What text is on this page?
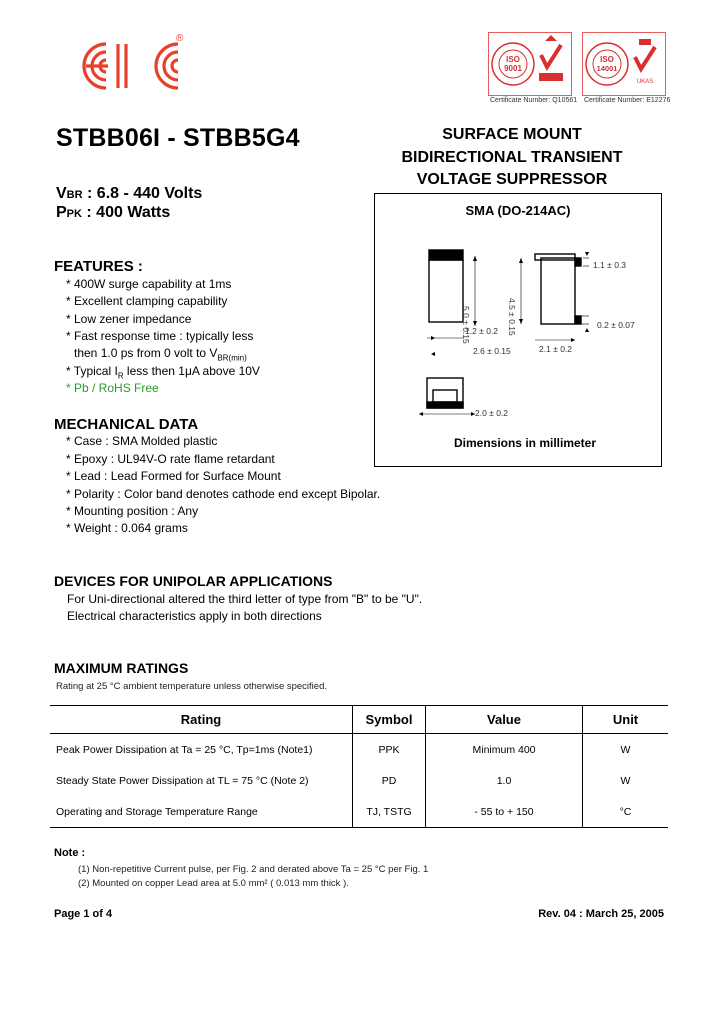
®
ISO
9001
Certificate Number: Q10561
ISO
14001
UKAS
Certificate Number: E12276
STBB06I - STBB5G4	SURFACE MOUNT
BIDIRECTIONAL TRANSIENT
VOLTAGE SUPPRESSOR
VBR : 6.8 - 440 Volts
PPK : 400 Watts
FEATURES :
* 400W surge capability at 1ms
* Excellent clamping capability
* Low zener impedance
* Fast response time : typically less
then 1.0 ps from 0 volt to $V_{BR(min)}$
* Typical $I_R$ less then 1μA above 10V
* Pb / RoHS Free
SMA (DO-214AC)
1.1 ± 0.3
5.0 ± 0.15	4.5 ± 0.15
1.2 ± 0.2
0.2 ± 0.07
2.6 ± 0.15	2.1 ± 0.2
2.0 ± 0.2
Dimensions in millimeter
MECHANICAL DATA
* Case : SMA Molded plastic
* Epoxy : UL94V-O rate flame retardant
* Lead : Lead Formed for Surface Mount
* Polarity : Color band denotes cathode end except Bipolar.
* Mounting position : Any
* Weight : 0.064 grams
DEVICES FOR UNIPOLAR APPLICATIONS
For Uni-directional altered the third letter of type from "B" to be "U".
Electrical characteristics apply in both directions
MAXIMUM RATINGS
Rating at 25 °C ambient temperature unless otherwise specified.
Rating	Symbol	Value	Unit
Peak Power Dissipation at Ta = 25 °C, Tp=1ms (Note1)	PPK	Minimum 400	W
Steady State Power Dissipation at TL = 75 °C (Note 2)	PD	1.0	W
Operating and Storage Temperature Range	TJ, TSTG	- 55 to + 150	°C
Note :
(1) Non-repetitive Current pulse, per Fig. 2 and derated above Ta = 25 °C per Fig. 1
(2) Mounted on copper Lead area at 5.0 mm² ( 0.013 mm thick ).
Page 1 of 4	Rev. 04 : March 25, 2005
